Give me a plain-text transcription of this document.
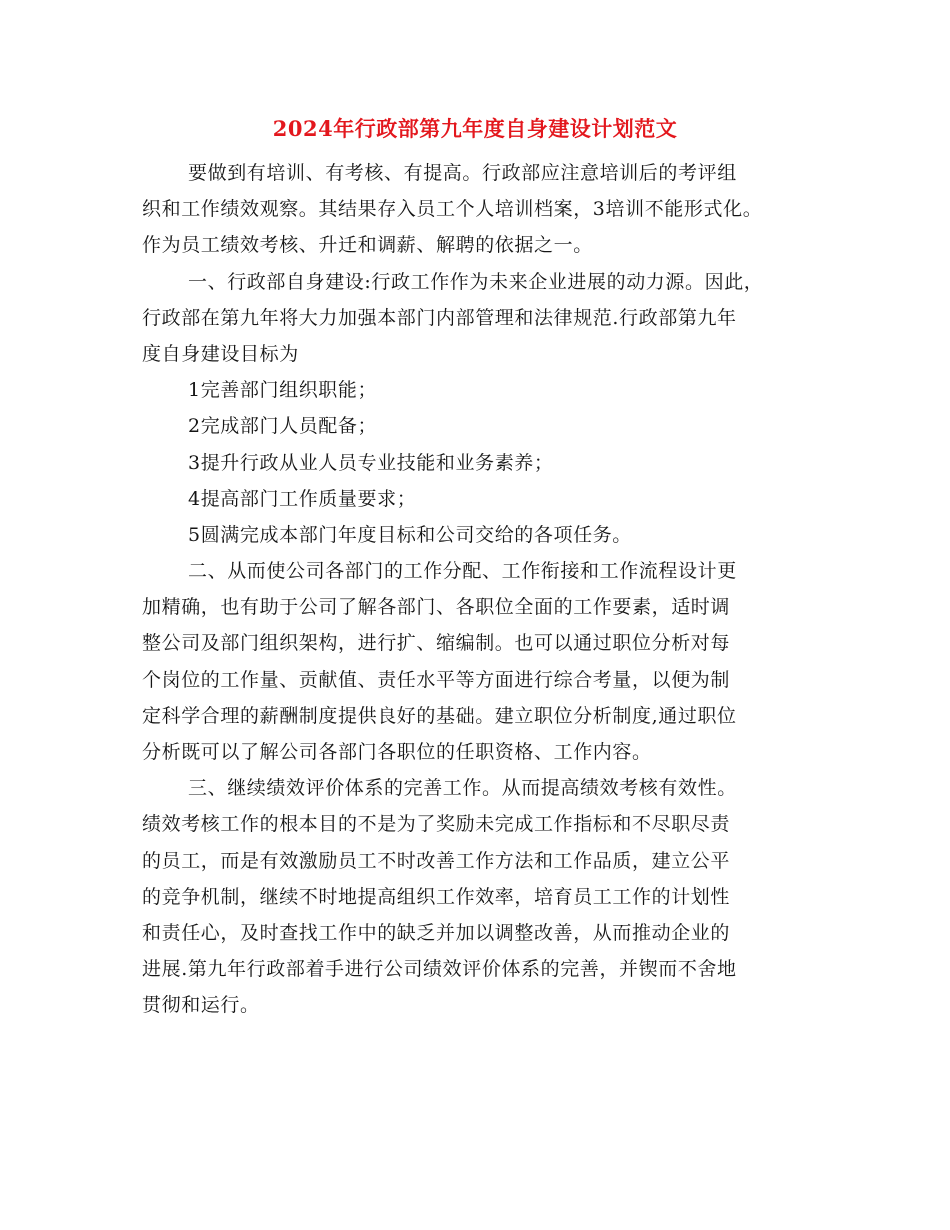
2024年行政部第九年度自身建设计划范文
要做到有培训、有考核、有提高。行政部应注意培训后的考评组
织和工作绩效观察。其结果存入员工个人培训档案，3培训不能形式化。
作为员工绩效考核、升迁和调薪、解聘的依据之一。
一、行政部自身建设:行政工作作为未来企业进展的动力源。因此，
行政部在第九年将大力加强本部门内部管理和法律规范.行政部第九年
度自身建设目标为
1完善部门组织职能；
2完成部门人员配备；
3提升行政从业人员专业技能和业务素养；
4提高部门工作质量要求；
5圆满完成本部门年度目标和公司交给的各项任务。
二、从而使公司各部门的工作分配、工作衔接和工作流程设计更
加精确，也有助于公司了解各部门、各职位全面的工作要素，适时调
整公司及部门组织架构，进行扩、缩编制。也可以通过职位分析对每
个岗位的工作量、贡献值、责任水平等方面进行综合考量，以便为制
定科学合理的薪酬制度提供良好的基础。建立职位分析制度,通过职位
分析既可以了解公司各部门各职位的任职资格、工作内容。
三、继续绩效评价体系的完善工作。从而提高绩效考核有效性。
绩效考核工作的根本目的不是为了奖励未完成工作指标和不尽职尽责
的员工，而是有效激励员工不时改善工作方法和工作品质，建立公平
的竞争机制，继续不时地提高组织工作效率，培育员工工作的计划性
和责任心，及时查找工作中的缺乏并加以调整改善，从而推动企业的
进展.第九年行政部着手进行公司绩效评价体系的完善，并锲而不舍地
贯彻和运行。
